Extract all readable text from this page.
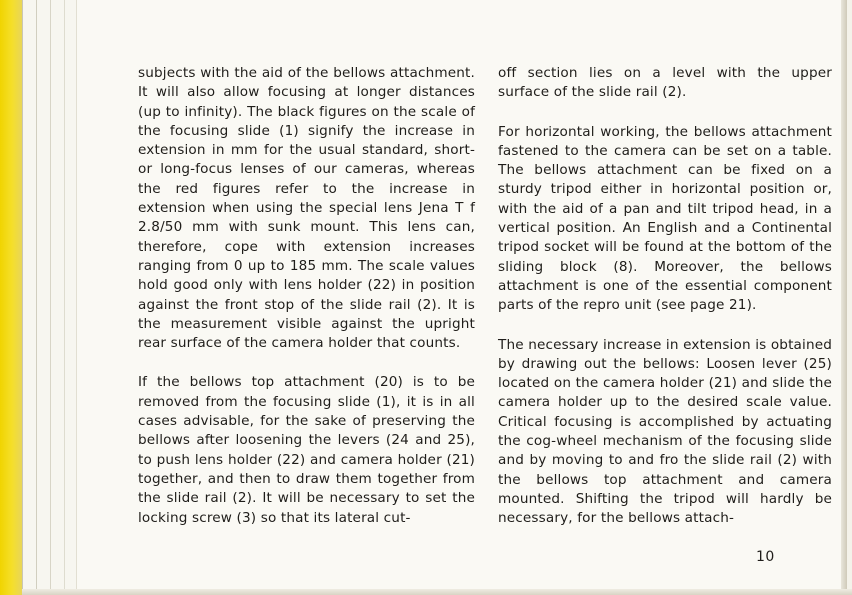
subjects with the aid of the bellows attachment. It will also allow focusing at longer distances (up to infinity). The black figures on the scale of the focusing slide (1) signify the increase in extension in mm for the usual standard, short- or long-focus lenses of our cameras, whereas the red figures refer to the increase in extension when using the special lens Jena T f 2.8/50 mm with sunk mount. This lens can, therefore, cope with extension increases ranging from 0 up to 185 mm. The scale values hold good only with lens holder (22) in position against the front stop of the slide rail (2). It is the measurement visible against the upright rear surface of the camera holder that counts.

If the bellows top attachment (20) is to be removed from the focusing slide (1), it is in all cases advisable, for the sake of preserving the bellows after loosening the levers (24 and 25), to push lens holder (22) and camera holder (21) together, and then to draw them together from the slide rail (2). It will be necessary to set the locking screw (3) so that its lateral cut-

off section lies on a level with the upper surface of the slide rail (2).

For horizontal working, the bellows attachment fastened to the camera can be set on a table. The bellows attachment can be fixed on a sturdy tripod either in horizontal position or, with the aid of a pan and tilt tripod head, in a vertical position. An English and a Continental tripod socket will be found at the bottom of the sliding block (8). Moreover, the bellows attachment is one of the essential component parts of the repro unit (see page 21).

The necessary increase in extension is obtained by drawing out the bellows: Loosen lever (25) located on the camera holder (21) and slide the camera holder up to the desired scale value. Critical focusing is accomplished by actuating the cog-wheel mechanism of the focusing slide and by moving to and fro the slide rail (2) with the bellows top attachment and camera mounted. Shifting the tripod will hardly be necessary, for the bellows attach-

10
